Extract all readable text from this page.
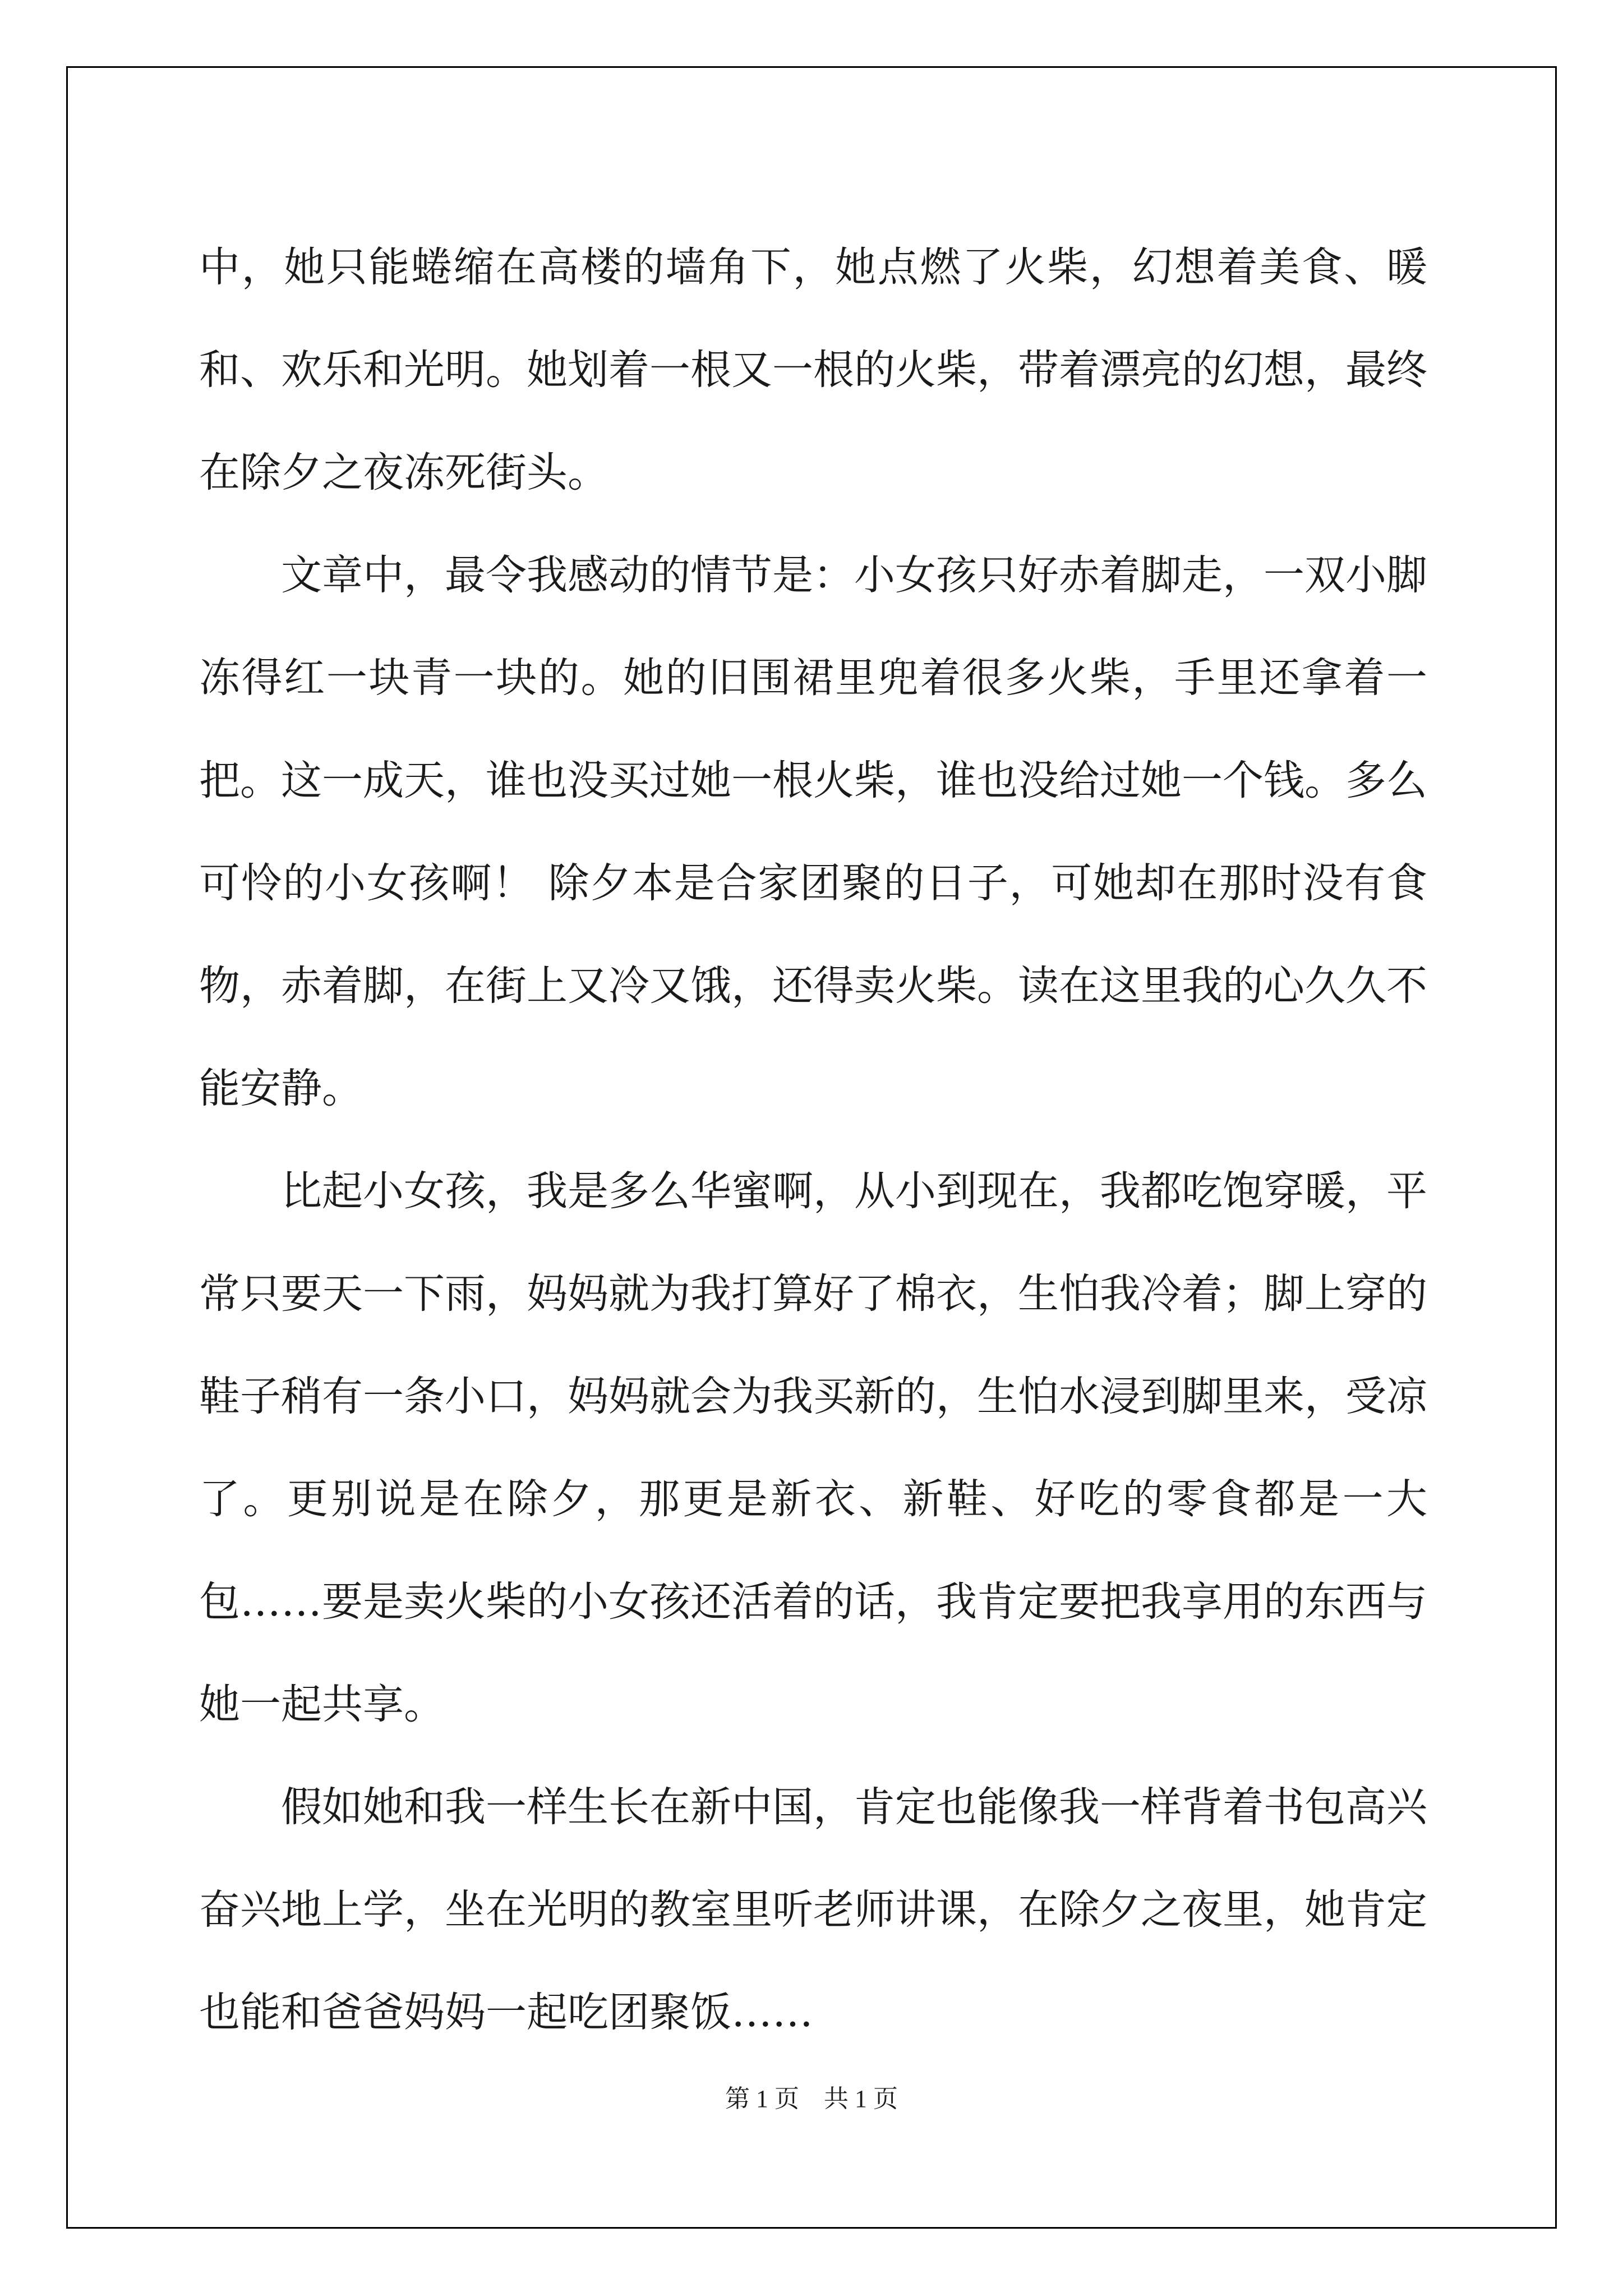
中，她只能蜷缩在高楼的墙角下，她点燃了火柴，幻想着美食、暖和、欢乐和光明。她划着一根又一根的火柴，带着漂亮的幻想，最终在除夕之夜冻死街头。

文章中，最令我感动的情节是：小女孩只好赤着脚走，一双小脚冻得红一块青一块的。她的旧围裙里兜着很多火柴，手里还拿着一把。这一成天，谁也没买过她一根火柴，谁也没给过她一个钱。多么可怜的小女孩啊！ 除夕本是合家团聚的日子，可她却在那时没有食物，赤着脚，在街上又冷又饿，还得卖火柴。读在这里我的心久久不能安静。

比起小女孩，我是多么华蜜啊，从小到现在，我都吃饱穿暖，平常只要天一下雨，妈妈就为我打算好了棉衣，生怕我冷着；脚上穿的鞋子稍有一条小口，妈妈就会为我买新的，生怕水浸到脚里来，受凉了。更别说是在除夕，那更是新衣、新鞋、好吃的零食都是一大包……要是卖火柴的小女孩还活着的话，我肯定要把我享用的东西与她一起共享。

假如她和我一样生长在新中国，肯定也能像我一样背着书包高兴奋兴地上学，坐在光明的教室里听老师讲课，在除夕之夜里，她肯定也能和爸爸妈妈一起吃团聚饭……

第 1 页　共 1 页
